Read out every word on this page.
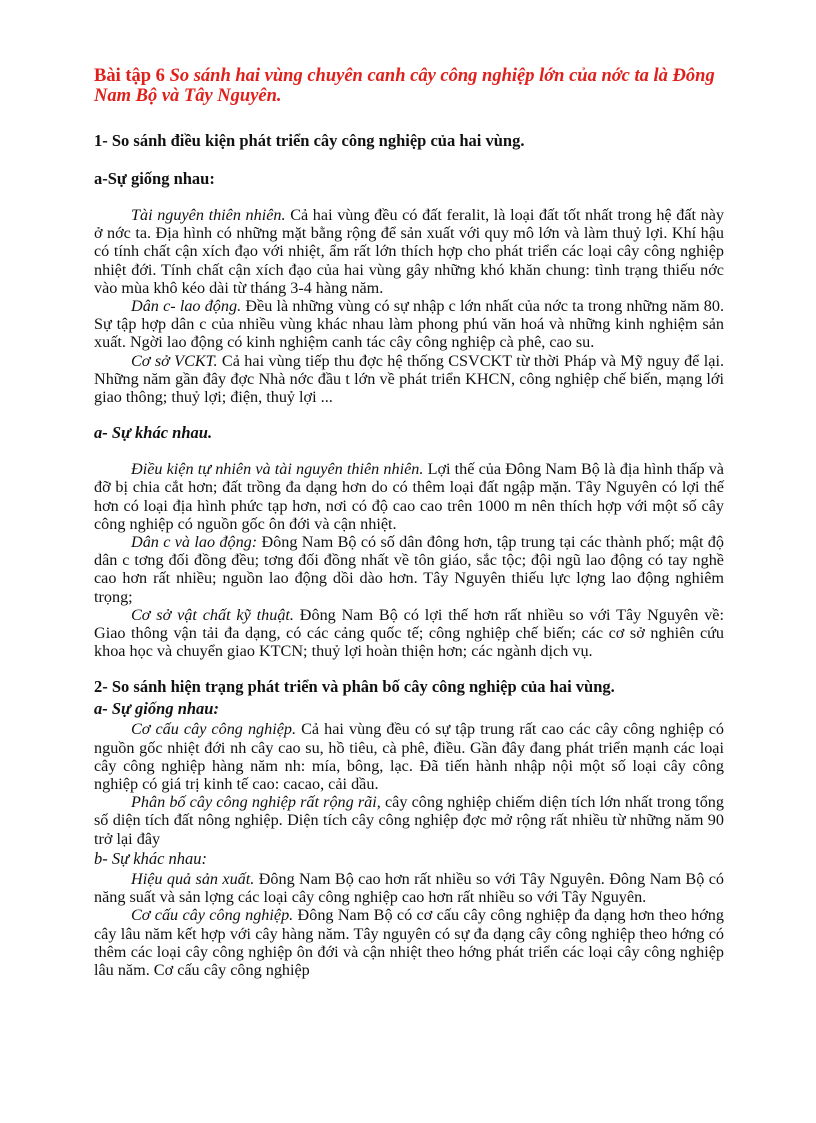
Bài tập 6 So sánh hai vùng chuyên canh cây công nghiệp lớn của nớc ta là Đông Nam Bộ và Tây Nguyên.
1- So sánh điều kiện phát triển cây công nghiệp của hai vùng.
a-Sự giống nhau:

Tài nguyên thiên nhiên. Cả hai vùng đều có đất feralit, là loại đất tốt nhất trong hệ đất này ở nớc ta. Địa hình có những mặt bằng rộng để sản xuất với quy mô lớn và làm thuỷ lợi. Khí hậu có tính chất cận xích đạo với nhiệt, ẩm rất lớn thích hợp cho phát triển các loại cây công nghiệp nhiệt đới. Tính chất cận xích đạo của hai vùng gây những khó khăn chung: tình trạng thiếu nớc vào mùa khô kéo dài từ tháng 3-4 hàng năm.

Dân c- lao động. Đều là những vùng có sự nhập c lớn nhất của nớc ta trong những năm 80. Sự tập hợp dân c của nhiều vùng khác nhau làm phong phú văn hoá và những kinh nghiệm sản xuất. Ngời lao động có kinh nghiệm canh tác cây công nghiệp cà phê, cao su.

Cơ sở VCKT. Cả hai vùng tiếp thu đợc hệ thống CSVCKT từ thời Pháp và Mỹ nguy để lại. Những năm gần đây đợc Nhà nớc đầu t lớn về phát triển KHCN, công nghiệp chế biến, mạng lới giao thông; thuỷ lợi; điện, thuỷ lợi ...

a- Sự khác nhau.

Điều kiện tự nhiên và tài nguyên thiên nhiên. Lợi thế của Đông Nam Bộ là địa hình thấp và đỡ bị chia cắt hơn; đất trồng đa dạng hơn do có thêm loại đất ngập mặn. Tây Nguyên có lợi thế hơn có loại địa hình phức tạp hơn, nơi có độ cao cao trên 1000 m nên thích hợp với một số cây công nghiệp có nguồn gốc ôn đới và cận nhiệt.

Dân c và lao động: Đông Nam Bộ có số dân đông hơn, tập trung tại các thành phố; mật độ dân c tơng đối đồng đều; tơng đối đồng nhất về tôn giáo, sắc tộc; đội ngũ lao động có tay nghề cao hơn rất nhiều; nguồn lao động dồi dào hơn. Tây Nguyên thiếu lực lợng lao động nghiêm trọng;

Cơ sở vật chất kỹ thuật. Đông Nam Bộ có lợi thế hơn rất nhiều so với Tây Nguyên về: Giao thông vận tải đa dạng, có các cảng quốc tế; công nghiệp chế biến; các cơ sở nghiên cứu khoa học và chuyển giao KTCN; thuỷ lợi hoàn thiện hơn; các ngành dịch vụ.

2- So sánh hiện trạng phát triển và phân bố cây công nghiệp của hai vùng.
a- Sự giống nhau:

Cơ cấu cây công nghiệp. Cả hai vùng đều có sự tập trung rất cao các cây công nghiệp có nguồn gốc nhiệt đới nh cây cao su, hồ tiêu, cà phê, điều. Gần đây đang phát triển mạnh các loại cây công nghiệp hàng năm nh: mía, bông, lạc. Đã tiến hành nhập nội một số loại cây công nghiệp có giá trị kinh tế cao: cacao, cải dầu.

Phân bố cây công nghiệp rất rộng rãi, cây công nghiệp chiếm diện tích lớn nhất trong tổng số diện tích đất nông nghiệp. Diện tích cây công nghiệp đợc mở rộng rất nhiều từ những năm 90 trở lại đây

b- Sự khác nhau:

Hiệu quả sản xuất. Đông Nam Bộ cao hơn rất nhiều so với Tây Nguyên. Đông Nam Bộ có năng suất và sản lợng các loại cây công nghiệp cao hơn rất nhiều so với Tây Nguyên.

Cơ cấu cây công nghiệp. Đông Nam Bộ có cơ cấu cây công nghiệp đa dạng hơn theo hớng cây lâu năm kết hợp với cây hàng năm. Tây nguyên có sự đa dạng cây công nghiệp theo hớng có thêm các loại cây công nghiệp ôn đới và cận nhiệt theo hớng phát triển các loại cây công nghiệp lâu năm. Cơ cấu cây công nghiệp
